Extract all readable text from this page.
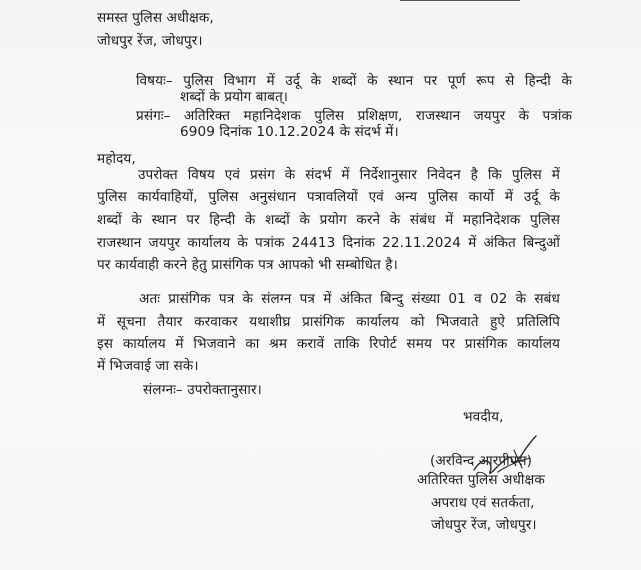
समस्त पुलिस अधीक्षक,
जोधपुर रेंज, जोधपुर।
विषयः– पुलिस विभाग में उर्दू के शब्दों के स्थान पर पूर्ण रूप से हिन्दी के
शब्दों के प्रयोग बाबत्।
प्रसंगः– अतिरिक्त महानिदेशक पुलिस प्रशिक्षण, राजस्थान जयपुर के पत्रांक
6909 दिनांक 10.12.2024 के संदर्भ में।
महोदय,
उपरोक्त विषय एवं प्रसंग के संदर्भ में निर्देशानुसार निवेदन है कि पुलिस में
पुलिस कार्यवाहियों, पुलिस अनुसंधान पत्रावलियों एवं अन्य पुलिस कार्यो में उर्दू के
शब्दों के स्थान पर हिन्दी के शब्दों के प्रयोग करने के संबंध में महानिदेशक पुलिस
राजस्थान जयपुर कार्यालय के पत्रांक 24413 दिनांक 22.11.2024 में अंकित बिन्दुओं
पर कार्यवाही करने हेतु प्रासंगिक पत्र आपको भी सम्बोधित है।
अतः प्रासंगिक पत्र के संलग्न पत्र में अंकित बिन्दु संख्या 01 व 02 के सबंध
में सूचना तैयार करवाकर यथाशीघ्र प्रासंगिक कार्यालय को भिजवाते हुऐ प्रतिलिपि
इस कार्यालय में भिजवाने का श्रम करावें ताकि रिपोर्ट समय पर प्रासंगिक कार्यालय
में भिजवाई जा सके।
संलग्नः– उपरोक्तानुसार।
भवदीय,
(अरविन्द आरपीएस)
अतिरिक्त पुलिस अधीक्षक
अपराध एवं सतर्कता,
जोधपुर रेंज, जोधपुर।
